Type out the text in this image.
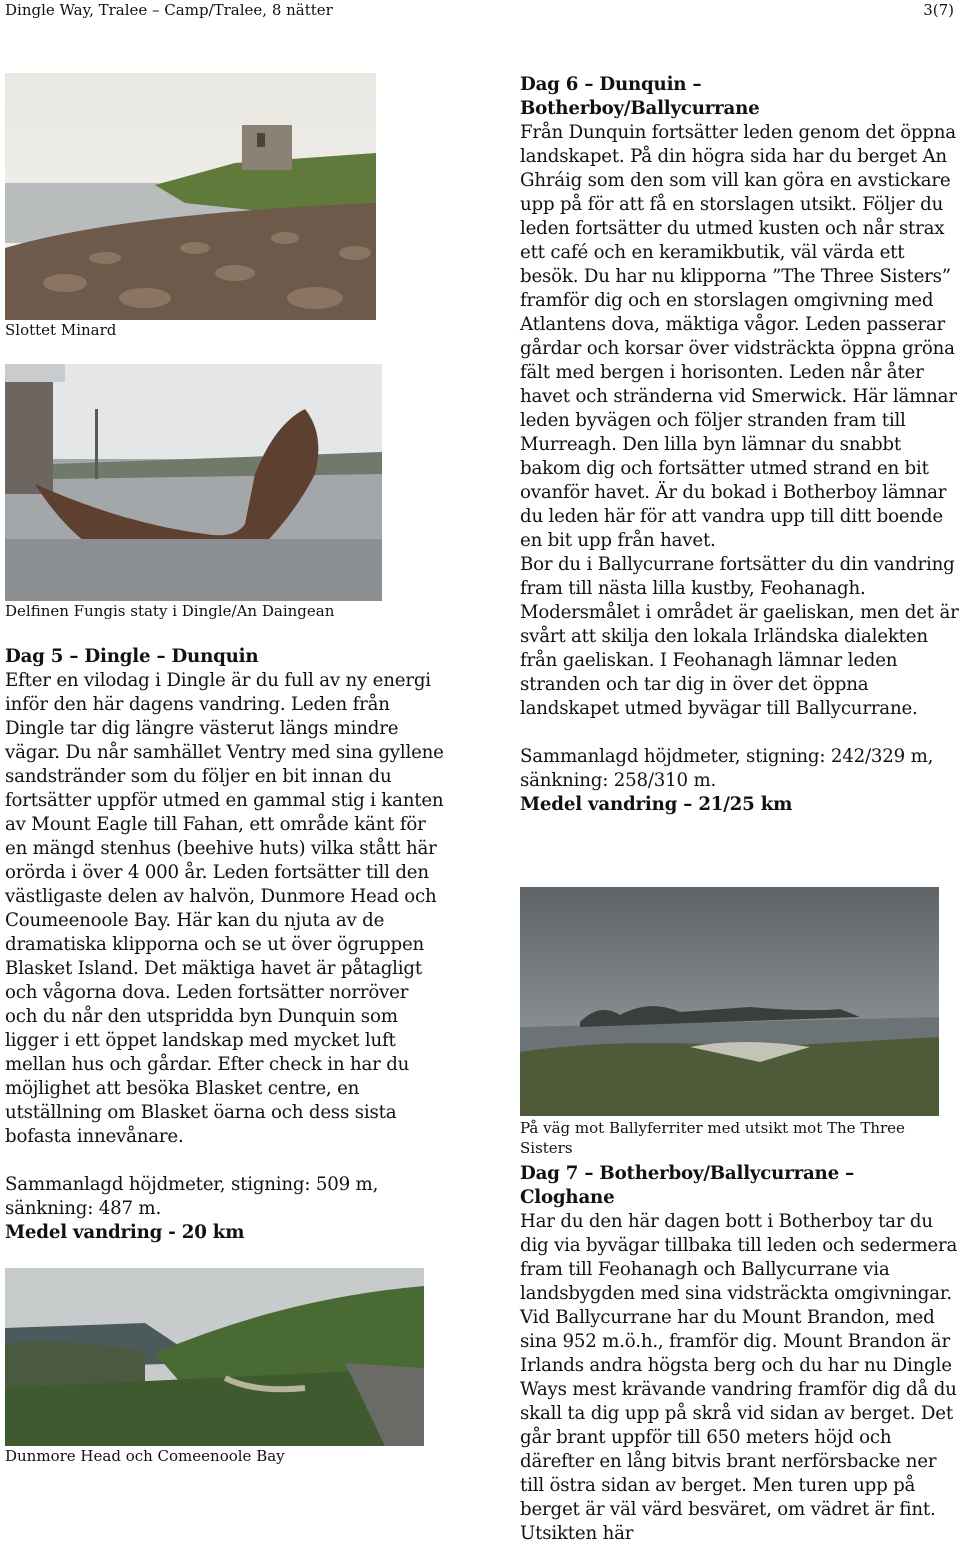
Dingle Way, Tralee – Camp/Tralee, 8 nätter	3(7)
Slottet Minard
Delfinen Fungis staty i Dingle/An Daingean

Dag 5 – Dingle – Dunquin

Efter en vilodag i Dingle är du full av ny energi inför den här dagens vandring. Leden från Dingle tar dig längre västerut längs mindre vägar. Du når samhället Ventry med sina gyllene sandstränder som du följer en bit innan du fortsätter uppför utmed en gammal stig i kanten av Mount Eagle till Fahan, ett område känt för en mängd stenhus (beehive huts) vilka stått här orörda i över 4 000 år. Leden fortsätter till den västligaste delen av halvön, Dunmore Head och Coumeenoole Bay. Här kan du njuta av de dramatiska klipporna och se ut över ögruppen Blasket Island. Det mäktiga havet är påtagligt och vågorna dova. Leden fortsätter norröver och du når den utspridda byn Dunquin som ligger i ett öppet landskap med mycket luft mellan hus och gårdar. Efter check in har du möjlighet att besöka Blasket centre, en utställning om Blasket öarna och dess sista bofasta innevånare.

Sammanlagd höjdmeter, stigning: 509 m, sänkning: 487 m.

Medel vandring - 20 km

Dunmore Head och Comeenoole Bay

Dag 6 – Dunquin – Botherboy/Ballycurrane

Från Dunquin fortsätter leden genom det öppna landskapet. På din högra sida har du berget An Ghráig som den som vill kan göra en avstickare upp på för att få en storslagen utsikt. Följer du leden fortsätter du utmed kusten och når strax ett café och en keramikbutik, väl värda ett besök. Du har nu klipporna ”The Three Sisters” framför dig och en storslagen omgivning med Atlantens dova, mäktiga vågor. Leden passerar gårdar och korsar över vidsträckta öppna gröna fält med bergen i horisonten. Leden når åter havet och stränderna vid Smerwick. Här lämnar leden byvägen och följer stranden fram till Murreagh. Den lilla byn lämnar du snabbt bakom dig och fortsätter utmed strand en bit ovanför havet. Är du bokad i Botherboy lämnar du leden här för att vandra upp till ditt boende en bit upp från havet.

Bor du i Ballycurrane fortsätter du din vandring fram till nästa lilla kustby, Feohanagh. Modersmålet i området är gaeliskan, men det är svårt att skilja den lokala Irländska dialekten från gaeliskan. I Feohanagh lämnar leden stranden och tar dig in över det öppna landskapet utmed byvägar till Ballycurrane.

Sammanlagd höjdmeter, stigning: 242/329 m, sänkning: 258/310 m.

Medel vandring – 21/25 km

På väg mot Ballyferriter med utsikt mot The Three Sisters

Dag 7 – Botherboy/Ballycurrane – Cloghane

Har du den här dagen bott i Botherboy tar du dig via byvägar tillbaka till leden och sedermera fram till Feohanagh och Ballycurrane via landsbygden med sina vidsträckta omgivningar. Vid Ballycurrane har du Mount Brandon, med sina 952 m.ö.h., framför dig. Mount Brandon är Irlands andra högsta berg och du har nu Dingle Ways mest krävande vandring framför dig då du skall ta dig upp på skrå vid sidan av berget. Det går brant uppför till 650 meters höjd och därefter en lång bitvis brant nerförsbacke ner till östra sidan av berget. Men turen upp på berget är väl värd besväret, om vädret är fint. Utsikten här
